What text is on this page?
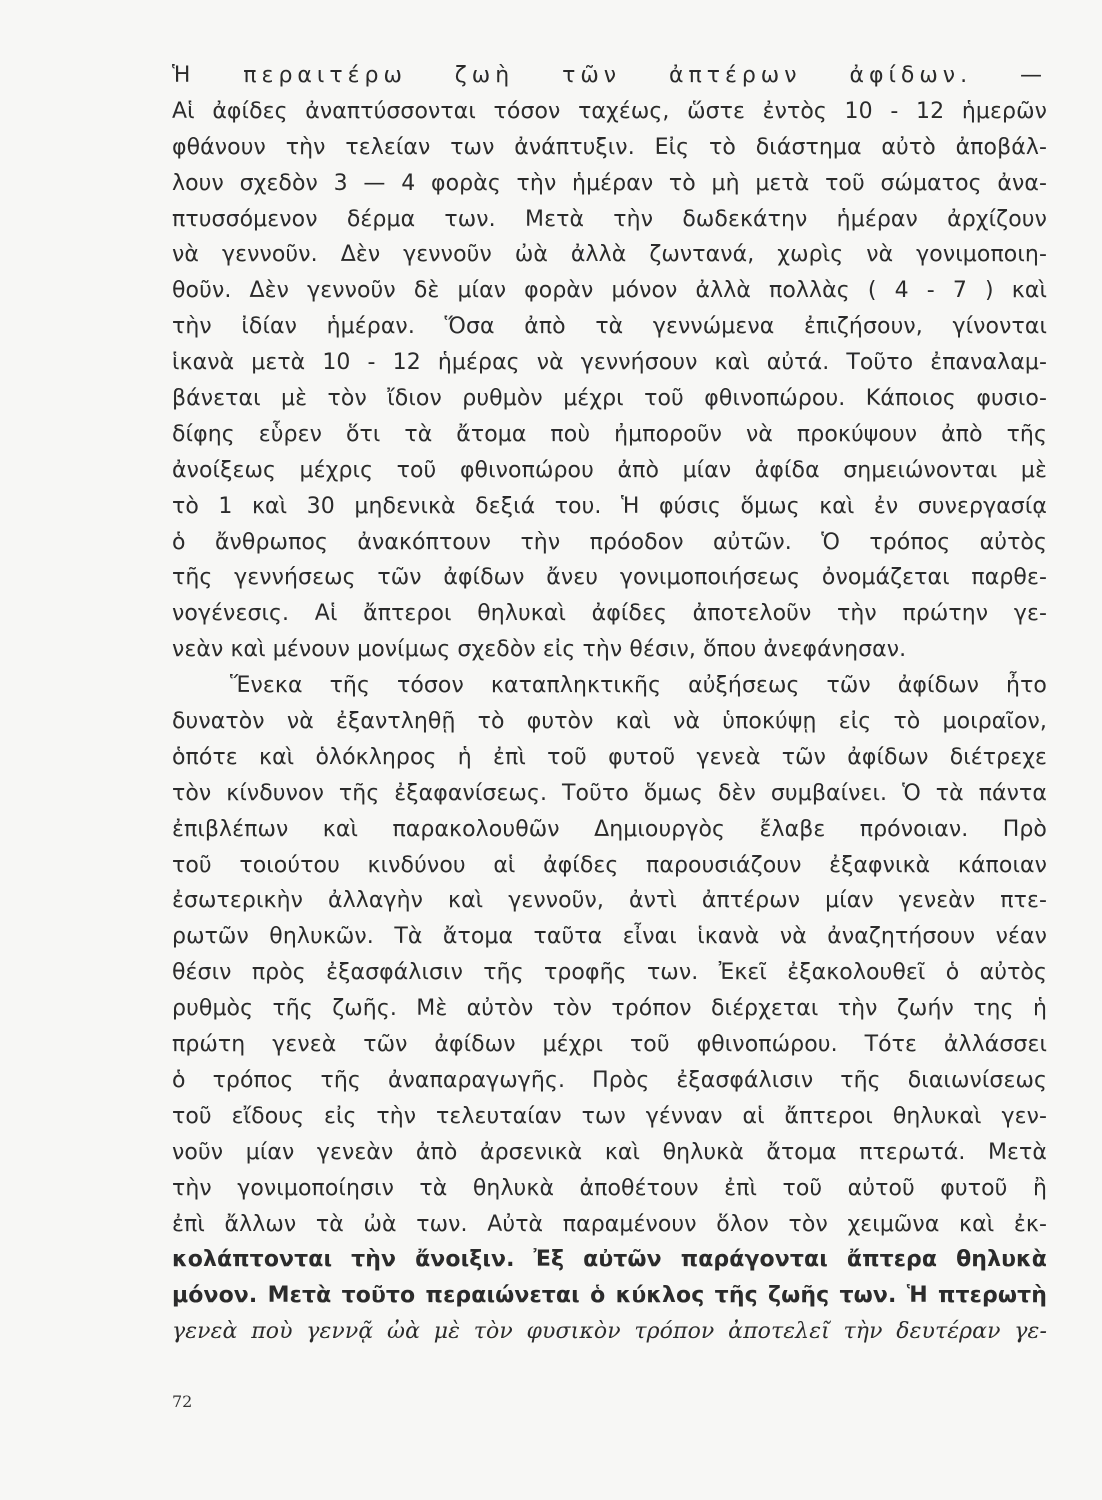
Ἡ περαιτέρω ζωὴ τῶν ἀπτέρων ἀφίδων. —
Αἱ ἀφίδες ἀναπτύσσονται τόσον ταχέως, ὥστε ἐντὸς 10 - 12 ἡμερῶν
φθάνουν τὴν τελείαν των ἀνάπτυξιν. Εἰς τὸ διάστημα αὐτὸ ἀποβάλ-
λουν σχεδὸν 3 — 4 φορὰς τὴν ἡμέραν τὸ μὴ μετὰ τοῦ σώματος ἀνα-
πτυσσόμενον δέρμα των. Μετὰ τὴν δωδεκάτην ἡμέραν ἀρχίζουν
νὰ γεννοῦν. Δὲν γεννοῦν ὠὰ ἀλλὰ ζωντανά, χωρὶς νὰ γονιμοποιη-
θοῦν. Δὲν γεννοῦν δὲ μίαν φορὰν μόνον ἀλλὰ πολλὰς ( 4 - 7 ) καὶ
τὴν ἰδίαν ἡμέραν. Ὅσα ἀπὸ τὰ γεννώμενα ἐπιζήσουν, γίνονται
ἱκανὰ μετὰ 10 - 12 ἡμέρας νὰ γεννήσουν καὶ αὐτά. Τοῦτο ἐπαναλαμ-
βάνεται μὲ τὸν ἴδιον ρυθμὸν μέχρι τοῦ φθινοπώρου. Κάποιος φυσιο-
δίφης εὗρεν ὅτι τὰ ἄτομα ποὺ ἠμποροῦν νὰ προκύψουν ἀπὸ τῆς
ἀνοίξεως μέχρις τοῦ φθινοπώρου ἀπὸ μίαν ἀφίδα σημειώνονται μὲ
τὸ 1 καὶ 30 μηδενικὰ δεξιά του. Ἡ φύσις ὅμως καὶ ἐν συνεργασίᾳ
ὁ ἄνθρωπος ἀνακόπτουν τὴν πρόοδον αὐτῶν. Ὁ τρόπος αὐτὸς
τῆς γεννήσεως τῶν ἀφίδων ἄνευ γονιμοποιήσεως ὀνομάζεται παρθε-
νογένεσις. Αἱ ἄπτεροι θηλυκαὶ ἀφίδες ἀποτελοῦν τὴν πρώτην γε-
νεὰν καὶ μένουν μονίμως σχεδὸν εἰς τὴν θέσιν, ὅπου ἀνεφάνησαν.
Ἕνεκα τῆς τόσον καταπληκτικῆς αὐξήσεως τῶν ἀφίδων ἦτο
δυνατὸν νὰ ἐξαντληθῇ τὸ φυτὸν καὶ νὰ ὑποκύψῃ εἰς τὸ μοιραῖον,
ὁπότε καὶ ὁλόκληρος ἡ ἐπὶ τοῦ φυτοῦ γενεὰ τῶν ἀφίδων διέτρεχε
τὸν κίνδυνον τῆς ἐξαφανίσεως. Τοῦτο ὅμως δὲν συμβαίνει. Ὁ τὰ πάντα
ἐπιβλέπων καὶ παρακολουθῶν Δημιουργὸς ἔλαβε πρόνοιαν. Πρὸ
τοῦ τοιούτου κινδύνου αἱ ἀφίδες παρουσιάζουν ἐξαφνικὰ κάποιαν
ἐσωτερικὴν ἀλλαγὴν καὶ γεννοῦν, ἀντὶ ἀπτέρων μίαν γενεὰν πτε-
ρωτῶν θηλυκῶν. Τὰ ἄτομα ταῦτα εἶναι ἱκανὰ νὰ ἀναζητήσουν νέαν
θέσιν πρὸς ἐξασφάλισιν τῆς τροφῆς των. Ἐκεῖ ἐξακολουθεῖ ὁ αὐτὸς
ρυθμὸς τῆς ζωῆς. Μὲ αὐτὸν τὸν τρόπον διέρχεται τὴν ζωήν της ἡ
πρώτη γενεὰ τῶν ἀφίδων μέχρι τοῦ φθινοπώρου. Τότε ἀλλάσσει
ὁ τρόπος τῆς ἀναπαραγωγῆς. Πρὸς ἐξασφάλισιν τῆς διαιωνίσεως
τοῦ εἴδους εἰς τὴν τελευταίαν των γένναν αἱ ἄπτεροι θηλυκαὶ γεν-
νοῦν μίαν γενεὰν ἀπὸ ἀρσενικὰ καὶ θηλυκὰ ἄτομα πτερωτά. Μετὰ
τὴν γονιμοποίησιν τὰ θηλυκὰ ἀποθέτουν ἐπὶ τοῦ αὐτοῦ φυτοῦ ἢ
ἐπὶ ἄλλων τὰ ὠὰ των. Αὐτὰ παραμένουν ὅλον τὸν χειμῶνα καὶ ἐκ-
κολάπτονται τὴν ἄνοιξιν. Ἐξ αὐτῶν παράγονται ἄπτερα θηλυκὰ
μόνον. Μετὰ τοῦτο περαιώνεται ὁ κύκλος τῆς ζωῆς των. Ἡ πτερωτὴ
γενεὰ ποὺ γεννᾷ ὠὰ μὲ τὸν φυσικὸν τρόπον ἀποτελεῖ τὴν δευτέραν γε-
72
